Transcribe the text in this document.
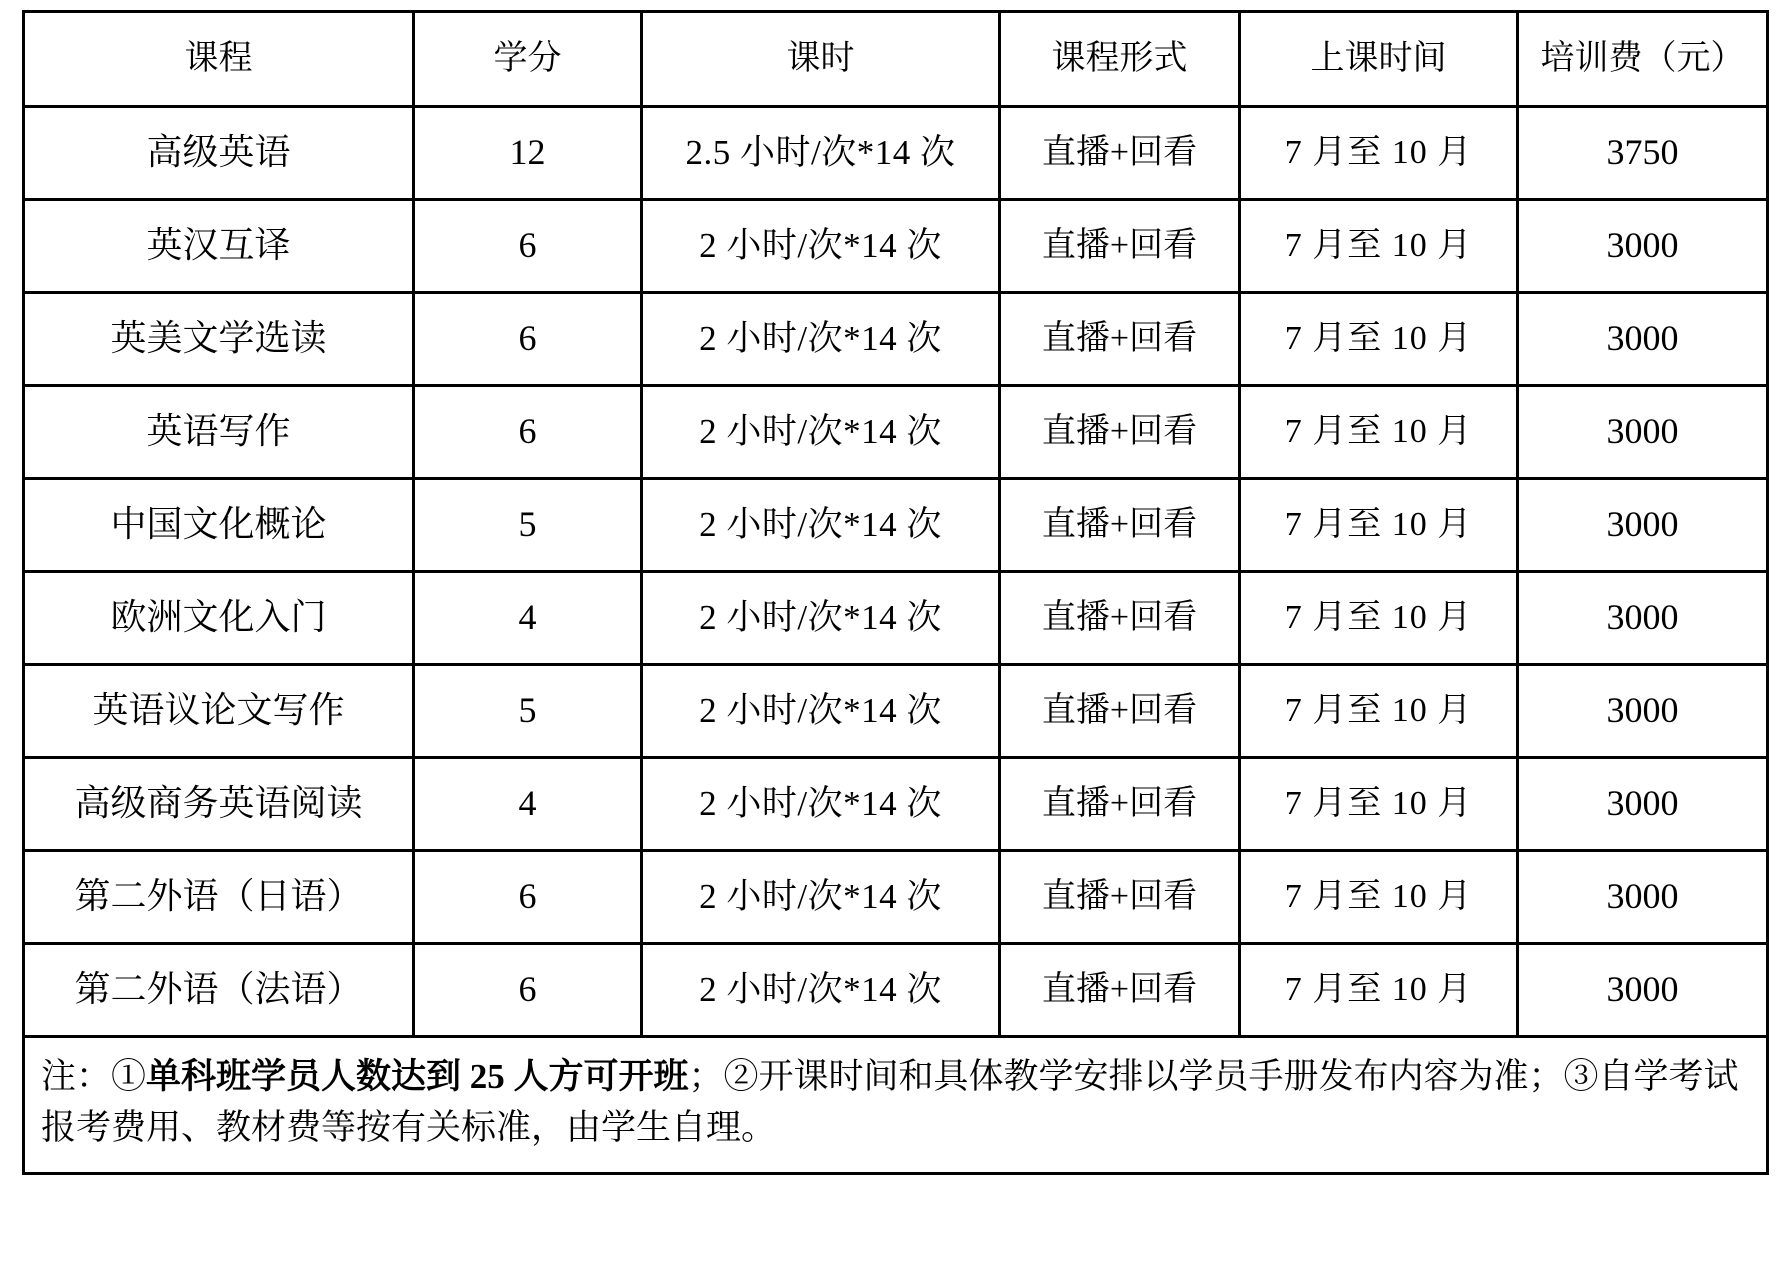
课程	学分	课时	课程形式	上课时间	培训费（元）
高级英语	12	2.5 小时/次*14 次	直播+回看	7 月至 10 月	3750
英汉互译	6	2 小时/次*14 次	直播+回看	7 月至 10 月	3000
英美文学选读	6	2 小时/次*14 次	直播+回看	7 月至 10 月	3000
英语写作	6	2 小时/次*14 次	直播+回看	7 月至 10 月	3000
中国文化概论	5	2 小时/次*14 次	直播+回看	7 月至 10 月	3000
欧洲文化入门	4	2 小时/次*14 次	直播+回看	7 月至 10 月	3000
英语议论文写作	5	2 小时/次*14 次	直播+回看	7 月至 10 月	3000
高级商务英语阅读	4	2 小时/次*14 次	直播+回看	7 月至 10 月	3000
第二外语（日语）	6	2 小时/次*14 次	直播+回看	7 月至 10 月	3000
第二外语（法语）	6	2 小时/次*14 次	直播+回看	7 月至 10 月	3000

注：①单科班学员人数达到 25 人方可开班；②开课时间和具体教学安排以学员手册发布内容为准；③自学考试报考费用、教材费等按有关标准，由学生自理。					
